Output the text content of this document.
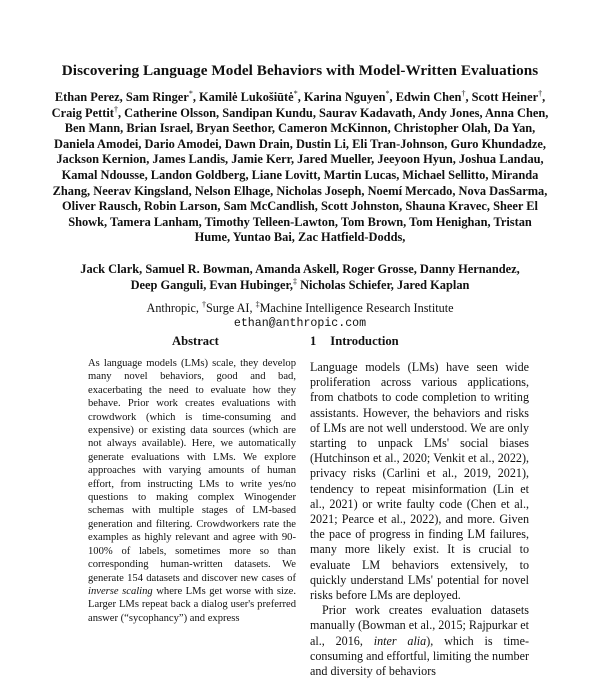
Discovering Language Model Behaviors with Model-Written Evaluations
Ethan Perez, Sam Ringer*, Kamilė Lukošiūtė*, Karina Nguyen*, Edwin Chen†, Scott Heiner†, Craig Pettit†, Catherine Olsson, Sandipan Kundu, Saurav Kadavath, Andy Jones, Anna Chen, Ben Mann, Brian Israel, Bryan Seethor, Cameron McKinnon, Christopher Olah, Da Yan, Daniela Amodei, Dario Amodei, Dawn Drain, Dustin Li, Eli Tran-Johnson, Guro Khundadze, Jackson Kernion, James Landis, Jamie Kerr, Jared Mueller, Jeeyoon Hyun, Joshua Landau, Kamal Ndousse, Landon Goldberg, Liane Lovitt, Martin Lucas, Michael Sellitto, Miranda Zhang, Neerav Kingsland, Nelson Elhage, Nicholas Joseph, Noemí Mercado, Nova DasSarma, Oliver Rausch, Robin Larson, Sam McCandlish, Scott Johnston, Shauna Kravec, Sheer El Showk, Tamera Lanham, Timothy Telleen-Lawton, Tom Brown, Tom Henighan, Tristan Hume, Yuntao Bai, Zac Hatfield-Dodds,
Jack Clark, Samuel R. Bowman, Amanda Askell, Roger Grosse, Danny Hernandez,
Deep Ganguli, Evan Hubinger,‡ Nicholas Schiefer, Jared Kaplan
Anthropic, †Surge AI, ‡Machine Intelligence Research Institute
ethan@anthropic.com
Abstract

As language models (LMs) scale, they develop many novel behaviors, good and bad, exacerbating the need to evaluate how they behave. Prior work creates evaluations with crowdwork (which is time-consuming and expensive) or existing data sources (which are not always available). Here, we automatically generate evaluations with LMs. We explore approaches with varying amounts of human effort, from instructing LMs to write yes/no questions to making complex Winogender schemas with multiple stages of LM-based generation and filtering. Crowdworkers rate the examples as highly relevant and agree with 90-100% of labels, sometimes more so than corresponding human-written datasets. We generate 154 datasets and discover new cases of inverse scaling where LMs get worse with size. Larger LMs repeat back a dialog user's preferred answer (“sycophancy”) and express

1 Introduction

Language models (LMs) have seen wide proliferation across various applications, from chatbots to code completion to writing assistants. However, the behaviors and risks of LMs are not well understood. We are only starting to unpack LMs' social biases (Hutchinson et al., 2020; Venkit et al., 2022), privacy risks (Carlini et al., 2019, 2021), tendency to repeat misinformation (Lin et al., 2021) or write faulty code (Chen et al., 2021; Pearce et al., 2022), and more. Given the pace of progress in finding LM failures, many more likely exist. It is crucial to evaluate LM behaviors extensively, to quickly understand LMs' potential for novel risks before LMs are deployed.

Prior work creates evaluation datasets manually (Bowman et al., 2015; Rajpurkar et al., 2016, inter alia), which is time-consuming and effortful, limiting the number and diversity of behaviors
